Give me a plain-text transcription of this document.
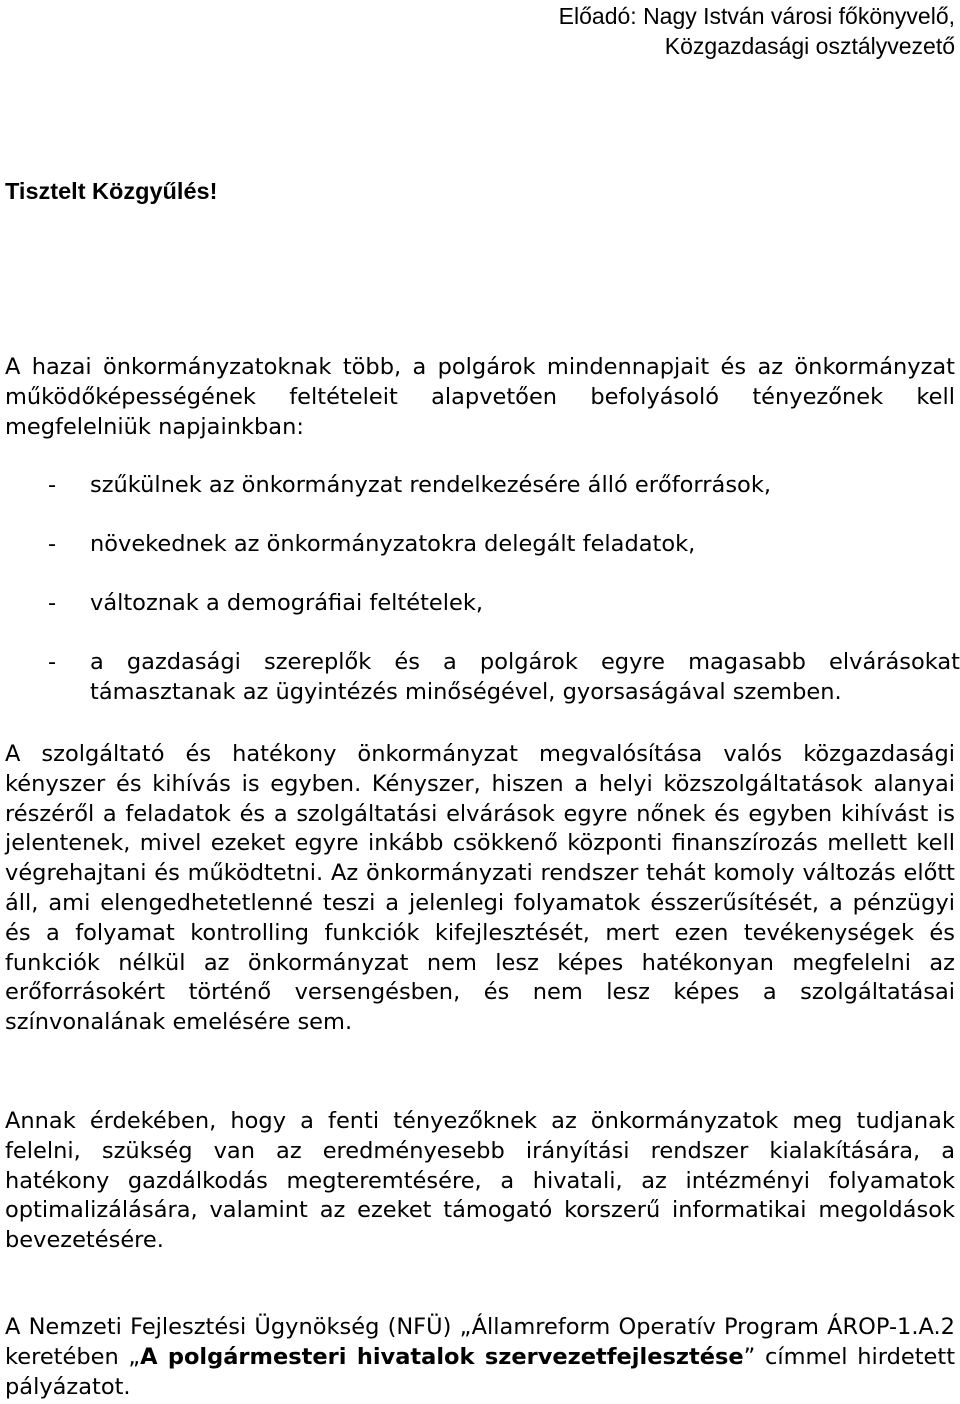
Előadó: Nagy István városi főkönyvelő,
Közgazdasági osztályvezető
Tisztelt Közgyűlés!
A hazai önkormányzatoknak több, a polgárok mindennapjait és az önkormányzat működőképességének feltételeit alapvetően befolyásoló tényezőnek kell megfelelniük napjainkban:
- szűkülnek az önkormányzat rendelkezésére álló erőforrások,
- növekednek az önkormányzatokra delegált feladatok,
- változnak a demográfiai feltételek,
- a gazdasági szereplők és a polgárok egyre magasabb elvárásokat támasztanak az ügyintézés minőségével, gyorsaságával szemben.
A szolgáltató és hatékony önkormányzat megvalósítása valós közgazdasági kényszer és kihívás is egyben. Kényszer, hiszen a helyi közszolgáltatások alanyai részéről a feladatok és a szolgáltatási elvárások egyre nőnek és egyben kihívást is jelentenek, mivel ezeket egyre inkább csökkenő központi finanszírozás mellett kell végrehajtani és működtetni. Az önkormányzati rendszer tehát komoly változás előtt áll, ami elengedhetetlenné teszi a jelenlegi folyamatok ésszerűsítését, a pénzügyi és a folyamat kontrolling funkciók kifejlesztését, mert ezen tevékenységek és funkciók nélkül az önkormányzat nem lesz képes hatékonyan megfelelni az erőforrásokért történő versengésben, és nem lesz képes a szolgáltatásai színvonalának emelésére sem.
Annak érdekében, hogy a fenti tényezőknek az önkormányzatok meg tudjanak felelni, szükség van az eredményesebb irányítási rendszer kialakítására, a hatékony gazdálkodás megteremtésére, a hivatali, az intézményi folyamatok optimalizálására, valamint az ezeket támogató korszerű informatikai megoldások bevezetésére.
A Nemzeti Fejlesztési Ügynökség (NFÜ) „Államreform Operatív Program ÁROP-1.A.2 keretében „A polgármesteri hivatalok szervezetfejlesztése” címmel hirdetett pályázatot.
